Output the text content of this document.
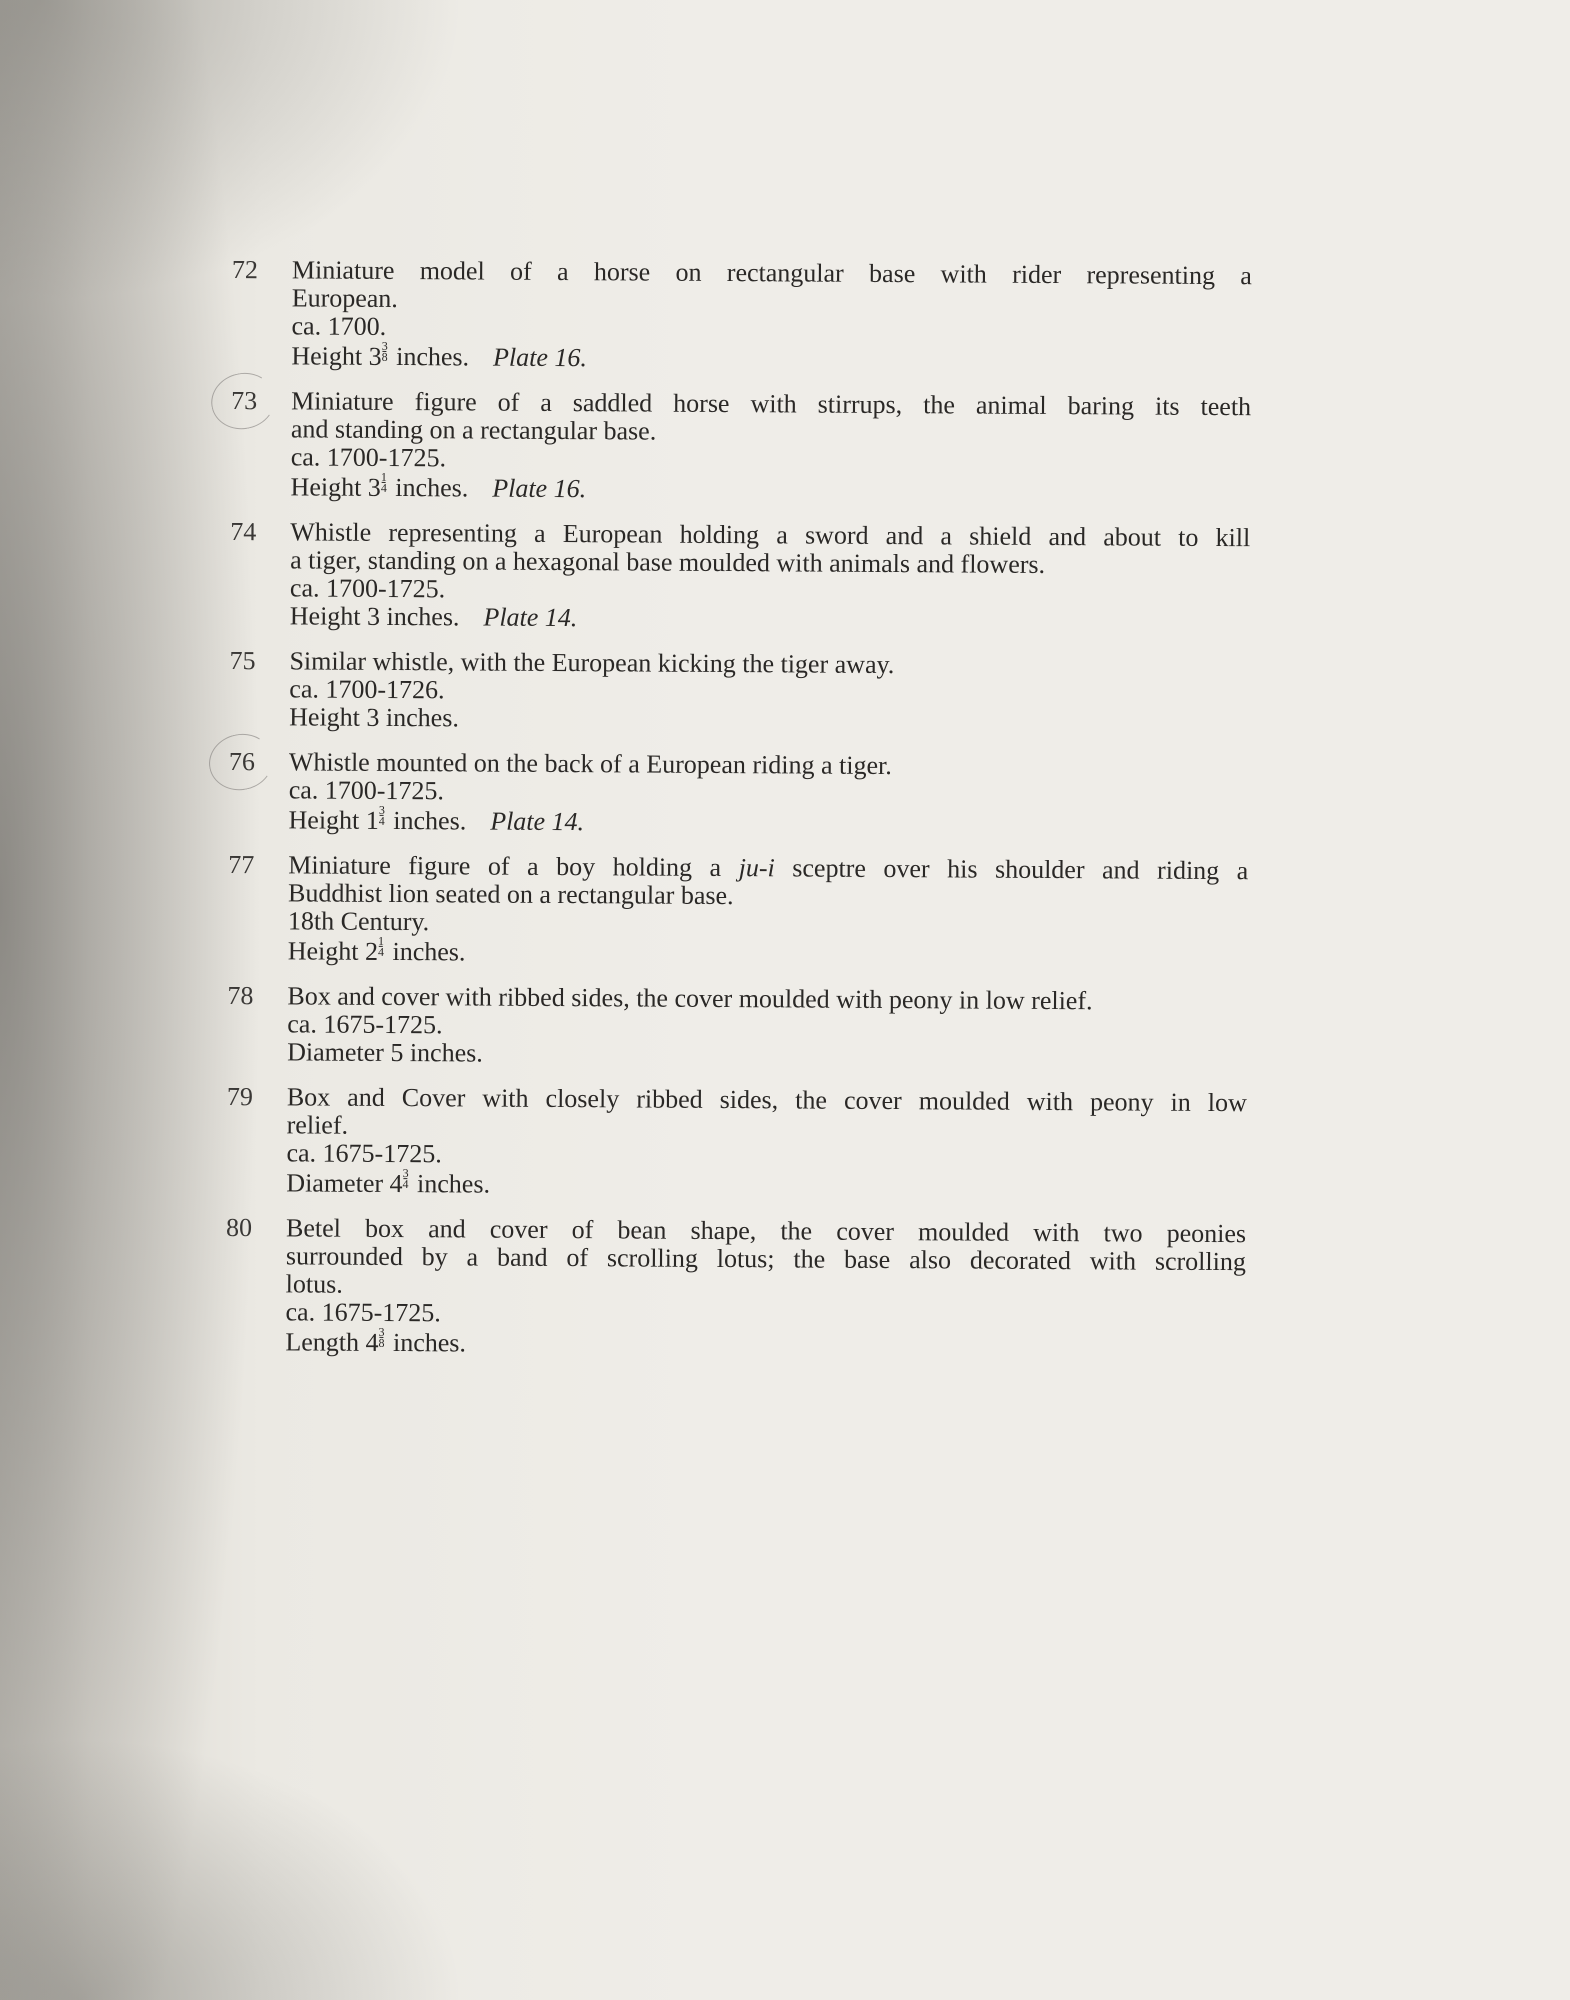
72	Miniature model of a horse on rectangular base with rider representing a
European.
ca. 1700.
Height $3 \frac{3}{8}$ inches. Plate 16.
73	Miniature figure of a saddled horse with stirrups, the animal baring its teeth
and standing on a rectangular base.
ca. 1700-1725.
Height $3 \frac{1}{4}$ inches. Plate 16.
74	Whistle representing a European holding a sword and a shield and about to kill
a tiger, standing on a hexagonal base moulded with animals and flowers.
ca. 1700-1725.
Height 3 inches. Plate 14.
75	Similar whistle, with the European kicking the tiger away.
ca. 1700-1726.
Height 3 inches.
76	Whistle mounted on the back of a European riding a tiger.
ca. 1700-1725.
Height $1 \frac{3}{4}$ inches. Plate 14.
77	Miniature figure of a boy holding a ju-i sceptre over his shoulder and riding a
Buddhist lion seated on a rectangular base.
18th Century.
Height $2 \frac{1}{4}$ inches.
78	Box and cover with ribbed sides, the cover moulded with peony in low relief.
ca. 1675-1725.
Diameter 5 inches.
79	Box and Cover with closely ribbed sides, the cover moulded with peony in low
relief.
ca. 1675-1725.
Diameter $4 \frac{3}{4}$ inches.
80	Betel box and cover of bean shape, the cover moulded with two peonies
surrounded by a band of scrolling lotus; the base also decorated with scrolling
lotus.
ca. 1675-1725.
Length $4 \frac{3}{8}$ inches.
